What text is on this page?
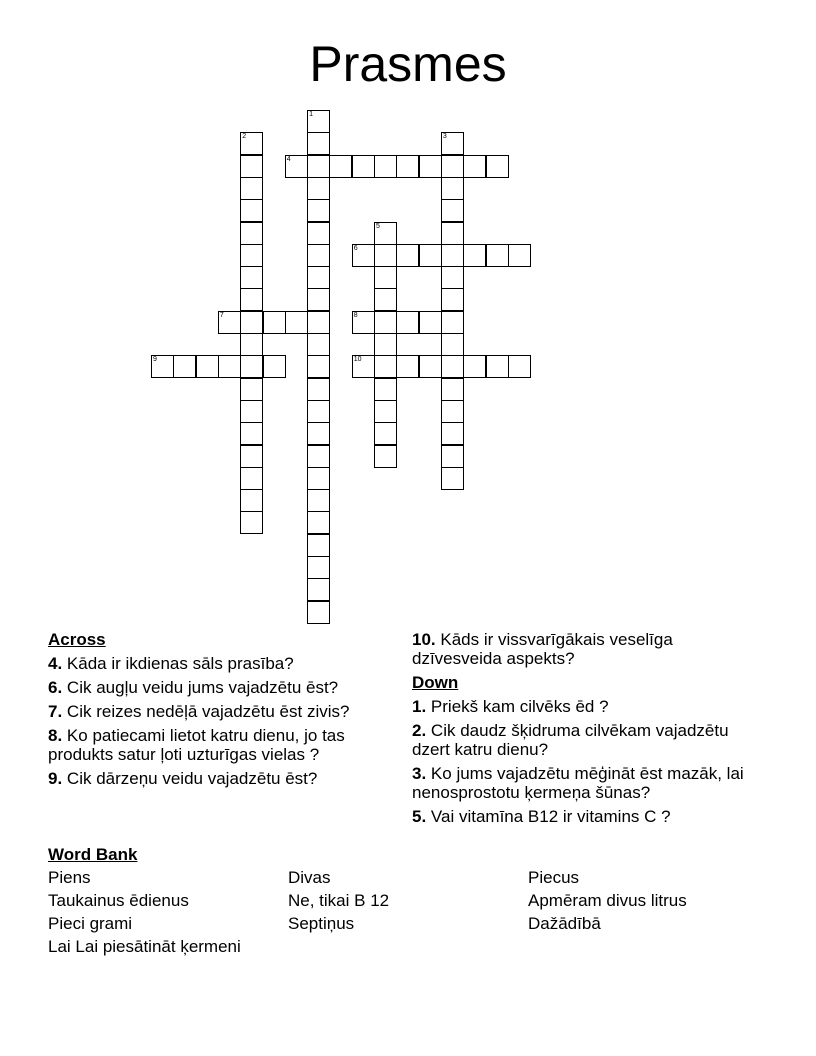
Prasmes
1
2	3
4
5
6
7	8
9	10
Across
4. Kāda ir ikdienas sāls prasība?
6. Cik augļu veidu jums vajadzētu ēst?
7. Cik reizes nedēļā vajadzētu ēst zivis?
8. Ko patiecami lietot katru dienu, jo tas produkts satur ļoti uzturīgas vielas ?
9. Cik dārzeņu veidu vajadzētu ēst?
10. Kāds ir vissvarīgākais veselīga dzīvesveida aspekts?
Down
1. Priekš kam cilvēks ēd ?
2. Cik daudz šķidruma cilvēkam vajadzētu dzert katru dienu?
3. Ko jums vajadzētu mēģināt ēst mazāk, lai nenosprostotu ķermeņa šūnas?
5. Vai vitamīna B12 ir vitamins C ?
Word Bank
Piens	Divas	Piecus
Taukainus ēdienus	Ne, tikai B 12	Apmēram divus litrus
Pieci grami	Septiņus	Dažādībā
Lai Lai piesātināt ķermeni
